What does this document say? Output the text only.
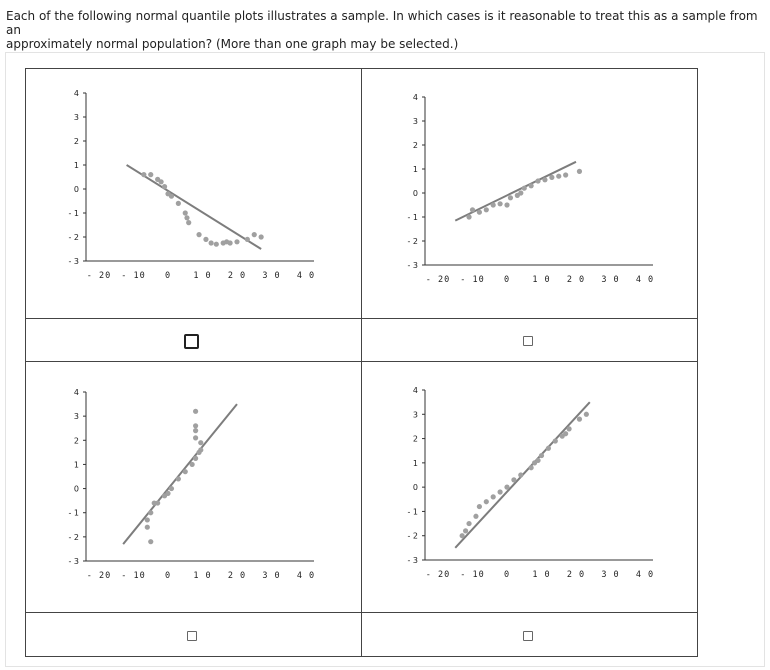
Each of the following normal quantile plots illustrates a sample. In which cases is it reasonable to treat this as a sample from an
approximately normal population? (More than one graph may be selected.)
4
3
2
1
0
- 1
- 2
- 3
- 20 - 10 0	1 0 2 0 3 0 4 0
4
3
2
1
0
- 1
- 2
- 3
- 20 - 10 0	1 0 2 0 3 0 4 0
4
3
2
1
0
- 1
- 2
- 3
- 20 - 10 0	1 0 2 0 3 0 4 0
4
3
2
1
0
- 1
- 2
- 3
- 20 - 10 0	1 0 2 0 3 0 4 0
